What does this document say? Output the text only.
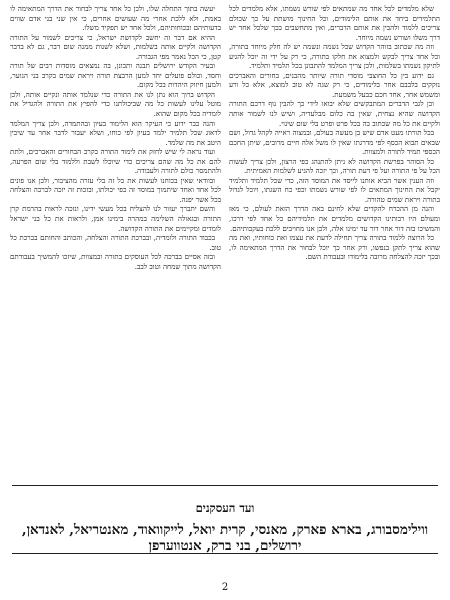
שלא מלמדים לכל אחד מה שמתאים לפי שורש נשמתו, אלא מלמדים לכל התלמידים ביחד את אותם הלימודים, וכל החינוך מושתת על כך שכולם צריכים ללמוד ולהבין את אותם הדברים, ואין מתחשבים בכך שלכל אחד יש דרך משלו ושורש נשמה מיוחד.

וזה מה שכתוב בזוהר הקדוש שכל נשמה ונשמה יש לה חלק מיוחד בתורה, וכל אחד צריך לבקש ולמצוא את חלקו בתורה, כי רק על ידי זה יוכל להגיע לתיקון נשמתו בשלמות, ולכן צריך המלמד להתבונן בכל תלמיד ותלמיד.

גם ידוע בין כל החוצבי מוסדי תורה שיותר מהבנים, בחורים והאברכים נזקקים בלבבם אחר בלימודים, כי רק שגה לא טוב למוצא, אלא כל ורע ומשמש אחר, אחד חכם כבעל משמעת.

וכן לגבי הדברים המתבקשים שלא יבואו לידי כך להבין נוף דרכם התורה הקדושה שהיא נצחית, שאין בה כלום מבלעדיה, ושיש לנו לשמור אותה ולקיים את כל מה שכתוב בה בכל פרט ופרט בלי שום שינוי.

בכל תורתו מעט אדם שיש בן מעשה בעולם, ובמצוה ראייה לקהל גדול, ושם שבאים תבוא הכסף לפי מדרגתו שאין לו משל אלה חיים מרובים, שיתן החכם הכספי תמיד לתורה ולמצוות.

כל הסוהר בפרשת הקדושה לא ניתן להתנהג כפי הרצון, ולכן צריך לעשות הכל על פי התורה ועל פי דעת תורה, וכך יזכה להגיע לשלמות האמיתית.

וזה הענין אשר הביא אותנו לייסד את המוסד הזה, כדי שכל תלמיד ותלמיד יקבל את החינוך המתאים לו לפי שורש נשמתו וכפי כח השגתו, ויוכל לגדול בתורה ויראת שמים טהורה.

והנה מן ההכרח להקדים שלא לחינם באה הדרך הזאת לעולם, כי מאז ומעולם היו רבותינו הקדושים מלמדים את תלמידיהם כל אחד לפי דרכו, והמשיכו בזה דור אחר דור עד ימינו אלה, ולכן אנו מחויבים ללכת בעקבותיהם.

כל הרוצה ללמוד בתורה צריך תחילה לדעת את עצמו ואת כוחותיו, ואת מה שהוא צריך לתקן בנפשו, ורק אחר כך יוכל לבחור את הדרך המתאימה לו, ובכך יזכה להצלחה מרובה בלימודו ובעבודת השם.

יעשה בתוך התחלה שלו, ולכן כל אחד צריך לבחור את הדרך המתאימה לו באמת, ולא ללכת אחרי מה שעושים אחרים, כי אין שני בני אדם שווים בדעותיהם ובכוחותיהם, ולכל אחד יש תפקיד משלו.

ההיא אם דבר זה יחשב לקדושת ישראל, כי צריכים לשמור על התורה הקדושה ולקיים אותה בשלמות, ושלא לשנות ממנה שום דבר, גם לא בדבר קטן, כי הכל נאמר מפי הגבורה.

ובעיר הקודש ירושלים תבנה ותכונן, בה נמצאים מוסדות רבים של תורה וחסד, וכולם פועלים יחד למען הרבצת תורה ויראת שמים בקרב בני הנוער, ולמען חיזוק היהדות בכל מקום.

הקדוש ברוך הוא נתן לנו את התורה כדי שנלמד אותה ונקיים אותה, ולכן מוטל עלינו לעשות כל מה שביכולתנו כדי להפיץ את התורה ולהגדיל את לומדיה בכל מקום שהוא.

והנה כבר ידוע כי העיקר הוא הלימוד בעיון ובהתמדה, ולכן צריך המלמד לדאוג שכל תלמיד ילמד בעיון לפי כוחו, ושלא יעבור לדבר אחר עד שיבין היטב את מה שלמד.

ועוד נראה לי שיש לחזק את לימוד התורה בקרב הבחורים והאברכים, ולתת להם את כל מה שהם צריכים כדי שיוכלו לשבת וללמוד בלי שום הפרעה, ולהתמסר כולם לתורה ולעבודה.

ובוודאי שאין בכוחנו לעשות את כל זה בלי עזרה מהציבור, ולכן אנו פונים לכל אחד ואחד שיתמוך במוסד זה כפי יכולתו, ובזכות זה יזכה לברכה והצלחה בכל אשר יפנה.

והשם יתברך יעזור לנו להצליח בכל מעשי ידינו, ונזכה לראות בהרמת קרן התורה ובגאולה השלימה במהרה בימינו אמן, ולראות את כל בני ישראל לומדים ומקיימים את התורה הקדושה.

בכבוד התורה ולומדיה, ובברכת התורה והצלחה, והכותב והחותם בברכת כל טוב.

ובזה אסיים בברכה לכל העוסקים בתורה ובמצוות, שיזכו להמשיך בעבודתם הקדושה מתוך שמחה וטוב לבב.

ועד העסקנים
ווילימסבורג, בארא פארק, מאנסי, קרית יואל, לייקוואוד, מאנטריאל, לאנדאן, ירושלים, בני ברק, אנטווערפן
2
